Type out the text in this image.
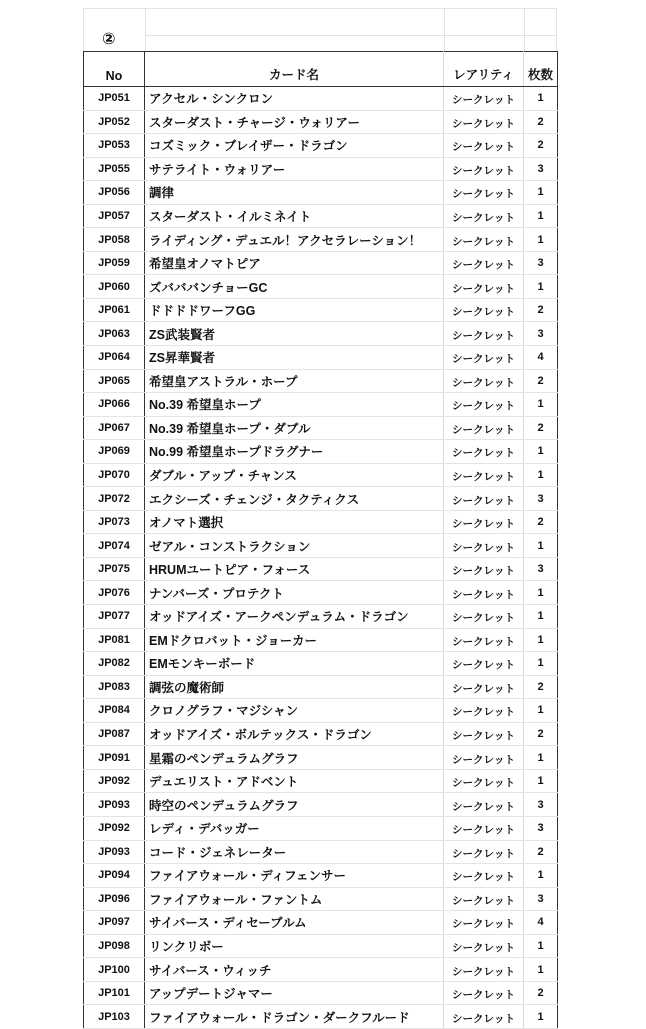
②
No	カード名	レアリティ	枚数
JP051	アクセル・シンクロン	シークレット	1
JP052	スターダスト・チャージ・ウォリアー	シークレット	2
JP053	コズミック・ブレイザー・ドラゴン	シークレット	2
JP055	サテライト・ウォリアー	シークレット	3
JP056	調律	シークレット	1
JP057	スターダスト・イルミネイト	シークレット	1
JP058	ライディング・デュエル！アクセラレーション！	シークレット	1
JP059	希望皇オノマトピア	シークレット	3
JP060	ズバババンチョーGC	シークレット	1
JP061	ドドドドワーフGG	シークレット	2
JP063	ZS武装賢者	シークレット	3
JP064	ZS昇華賢者	シークレット	4
JP065	希望皇アストラル・ホープ	シークレット	2
JP066	No.39 希望皇ホープ	シークレット	1
JP067	No.39 希望皇ホープ・ダブル	シークレット	2
JP069	No.99 希望皇ホープドラグナー	シークレット	1
JP070	ダブル・アップ・チャンス	シークレット	1
JP072	エクシーズ・チェンジ・タクティクス	シークレット	3
JP073	オノマト選択	シークレット	2
JP074	ゼアル・コンストラクション	シークレット	1
JP075	HRUMユートピア・フォース	シークレット	3
JP076	ナンバーズ・プロテクト	シークレット	1
JP077	オッドアイズ・アークペンデュラム・ドラゴン	シークレット	1
JP081	EMドクロバット・ジョーカー	シークレット	1
JP082	EMモンキーボード	シークレット	1
JP083	調弦の魔術師	シークレット	2
JP084	クロノグラフ・マジシャン	シークレット	1
JP087	オッドアイズ・ボルテックス・ドラゴン	シークレット	2
JP091	星霜のペンデュラムグラフ	シークレット	1
JP092	デュエリスト・アドベント	シークレット	1
JP093	時空のペンデュラムグラフ	シークレット	3
JP092	レディ・デバッガー	シークレット	3
JP093	コード・ジェネレーター	シークレット	2
JP094	ファイアウォール・ディフェンサー	シークレット	1
JP096	ファイアウォール・ファントム	シークレット	3
JP097	サイバース・ディセーブルム	シークレット	4
JP098	リンクリボー	シークレット	1
JP100	サイバース・ウィッチ	シークレット	1
JP101	アップデートジャマー	シークレット	2
JP103	ファイアウォール・ドラゴン・ダークフルード	シークレット	1
